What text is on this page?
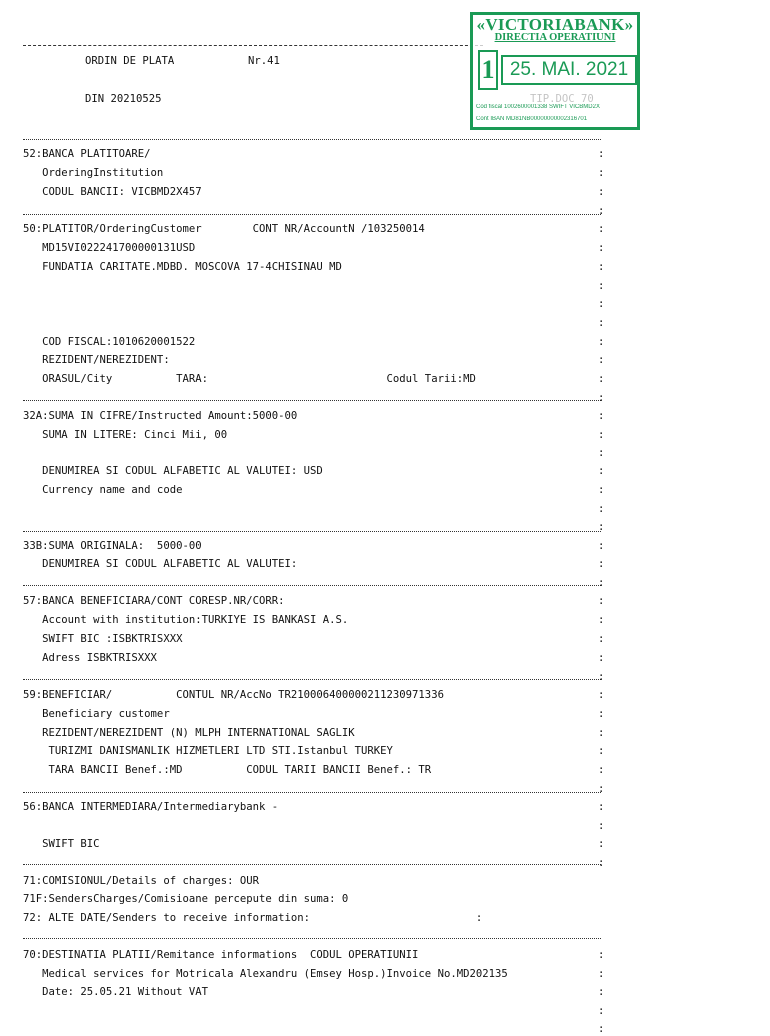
ORDIN DE PLATA	Nr.41
DIN 20210525
«VICTORIABANK»
DIRECTIA OPERATIUNI
1 25. MAI. 2021
Cod fiscal 1002600001338 SWIFT VICBMD2X
Cont IBAN MD81NB00000000002316701
52:BANCA PLATITOARE/
OrderingInstitution
CODUL BANCII: VICBMD2X457
50:PLATITOR/OrderingCustomer        CONT NR/AccountN /103250014
MD15VI022241700000131USD
FUNDATIA CARITATE.MDBD. MOSCOVA 17-4CHISINAU MD
COD FISCAL:1010620001522
REZIDENT/NEREZIDENT:
ORASUL/City          TARA:                            Codul Tarii:MD
32A:SUMA IN CIFRE/Instructed Amount:5000-00
SUMA IN LITERE: Cinci Mii, 00
DENUMIREA SI CODUL ALFABETIC AL VALUTEI: USD
Currency name and code
33B:SUMA ORIGINALA:  5000-00
DENUMIREA SI CODUL ALFABETIC AL VALUTEI:
57:BANCA BENEFICIARA/CONT CORESP.NR/CORR:
Account with institution:TURKIYE IS BANKASI A.S.
SWIFT BIC :ISBKTRISXXX
Adress ISBKTRISXXX
59:BENEFICIAR/          CONTUL NR/AccNo TR210006400000211230971336
Beneficiary customer
REZIDENT/NEREZIDENT (N) MLPH INTERNATIONAL SAGLIK
TURIZMI DANISMANLIK HIZMETLERI LTD STI.Istanbul TURKEY
TARA BANCII Benef.:MD          CODUL TARII BANCII Benef.: TR
56:BANCA INTERMEDIARA/Intermediarybank -
SWIFT BIC
71:COMISIONUL/Details of charges: OUR
71F:SendersCharges/Comisioane percepute din suma: 0
72: ALTE DATE/Senders to receive information:                          :
70:DESTINATIA PLATII/Remitance informations  CODUL OPERATIUNII
Medical services for Motricala Alexandru (Emsey Hosp.)Invoice No.MD202135
Date: 25.05.21 Without VAT
:
:
:
:
:
:
:
:
:
:
:
:
:
:
:
:
:
:
:
:
:
:
:
:
:
:
:
:
:
:
:
:
:
:
:
:
:
:
:
:
:
:
:
:
